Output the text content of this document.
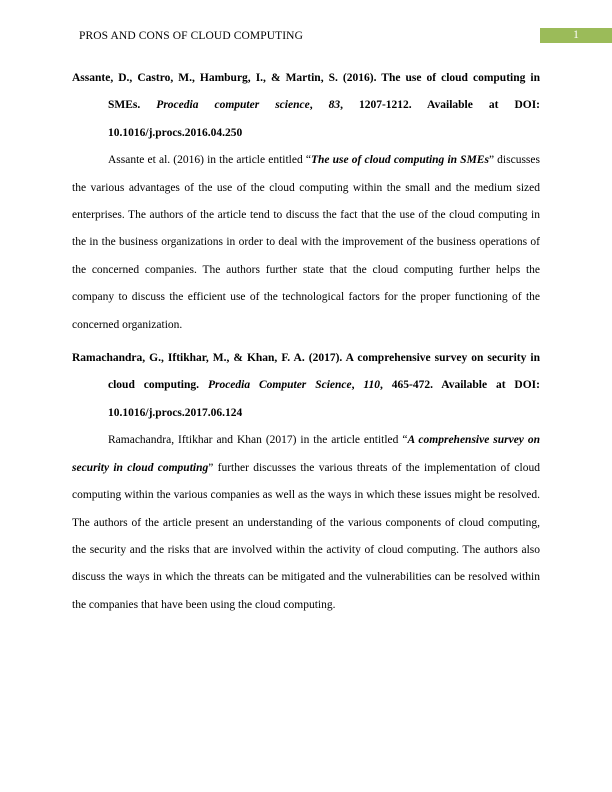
PROS AND CONS OF CLOUD COMPUTING	1

Assante, D., Castro, M., Hamburg, I., & Martin, S. (2016). The use of cloud computing in SMEs. Procedia computer science, 83, 1207-1212. Available at DOI: 10.1016/j.procs.2016.04.250

Assante et al. (2016) in the article entitled “The use of cloud computing in SMEs” discusses the various advantages of the use of the cloud computing within the small and the medium sized enterprises. The authors of the article tend to discuss the fact that the use of the cloud computing in the in the business organizations in order to deal with the improvement of the business operations of the concerned companies. The authors further state that the cloud computing further helps the company to discuss the efficient use of the technological factors for the proper functioning of the concerned organization.

Ramachandra, G., Iftikhar, M., & Khan, F. A. (2017). A comprehensive survey on security in cloud computing. Procedia Computer Science, 110, 465-472. Available at DOI: 10.1016/j.procs.2017.06.124

Ramachandra, Iftikhar and Khan (2017) in the article entitled “A comprehensive survey on security in cloud computing” further discusses the various threats of the implementation of cloud computing within the various companies as well as the ways in which these issues might be resolved. The authors of the article present an understanding of the various components of cloud computing, the security and the risks that are involved within the activity of cloud computing. The authors also discuss the ways in which the threats can be mitigated and the vulnerabilities can be resolved within the companies that have been using the cloud computing.
